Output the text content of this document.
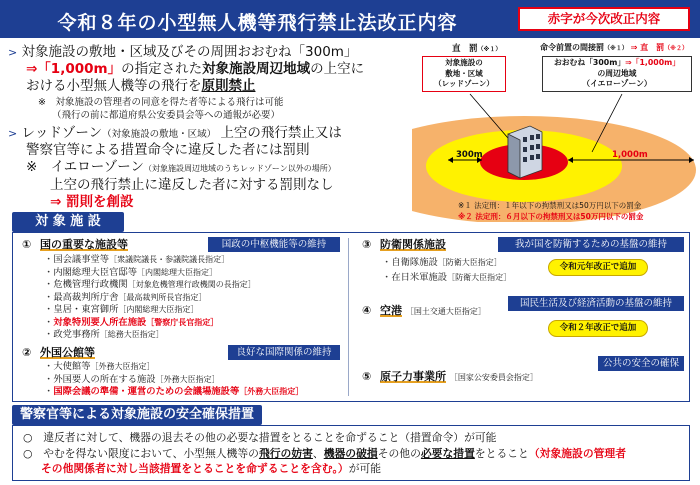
令和８年の小型無人機等飛行禁止法改正内容	赤字が今次改正内容
> 対象施設の敷地・区域及びその周囲おおむね「300m」
⇒「1,000m」の指定された対象施設周辺地域の上空に
おける小型無人機等の飛行を原則禁止
※　対象施設の管理者の同意を得た者等による飛行は可能
（飛行の前に都道府県公安委員会等への通報が必要）
> レッドゾーン（対象施設の敷地・区域） 上空の飛行禁止又は
警察官等による措置命令に違反した者には罰則
※　イエローゾーン（対象施設周辺地域のうちレッドゾーン以外の場所）
上空の飛行禁止に違反した者に対する罰則なし
⇒ 罰則を創設
直　罰（※１）	命令前置の間接罰（※１） ⇒ 直　罰（※２）
対象施設の
敷地・区域
（レッドゾーン）
おおむね「300m」⇒「1,000m」
の周辺地域
（イエローゾーン）
300m	1,000m
※１ 法定刑：１年以下の拘禁刑又は50万円以下の罰金
※２ 法定刑：６月以下の拘禁刑又は50万円以下の罰金
対 象 施 設
① 国の重要な施設等	国政の中枢機能等の維持
・ 国会議事堂等［衆議院議長・参議院議長指定］
・ 内閣総理大臣官邸等［内閣総理大臣指定］
・ 危機管理行政機関［対象危機管理行政機関の長指定］
・ 最高裁判所庁舎［最高裁判所長官指定］
・ 皇居・東宮御所［内閣総理大臣指定］
・ 対象特別要人所在施設［警察庁長官指定］
・ 政党事務所［総務大臣指定］
② 外国公館等	良好な国際関係の維持
・ 大使館等［外務大臣指定］
・ 外国要人の所在する施設［外務大臣指定］
・ 国際会議の準備・運営のための会議場施設等［外務大臣指定］
③ 防衛関係施設	我が国を防衛するための基盤の維持
・ 自衛隊施設［防衛大臣指定］
・ 在日米軍施設［防衛大臣指定］
令和元年改正で追加
④ 空港 ［国土交通大臣指定］
国民生活及び経済活動の基盤の維持
令和２年改正で追加
⑤ 原子力事業所 ［国家公安委員会指定］
公共の安全の確保
警察官等による対象施設の安全確保措置
○　違反者に対して、機器の退去その他の必要な措置をとることを命ずること（措置命令）が可能
○　やむを得ない限度において、小型無人機等の飛行の妨害、機器の破損その他の必要な措置をとること（対象施設の管理者
その他関係者に対し当該措置をとることを命ずることを含む。）が可能
